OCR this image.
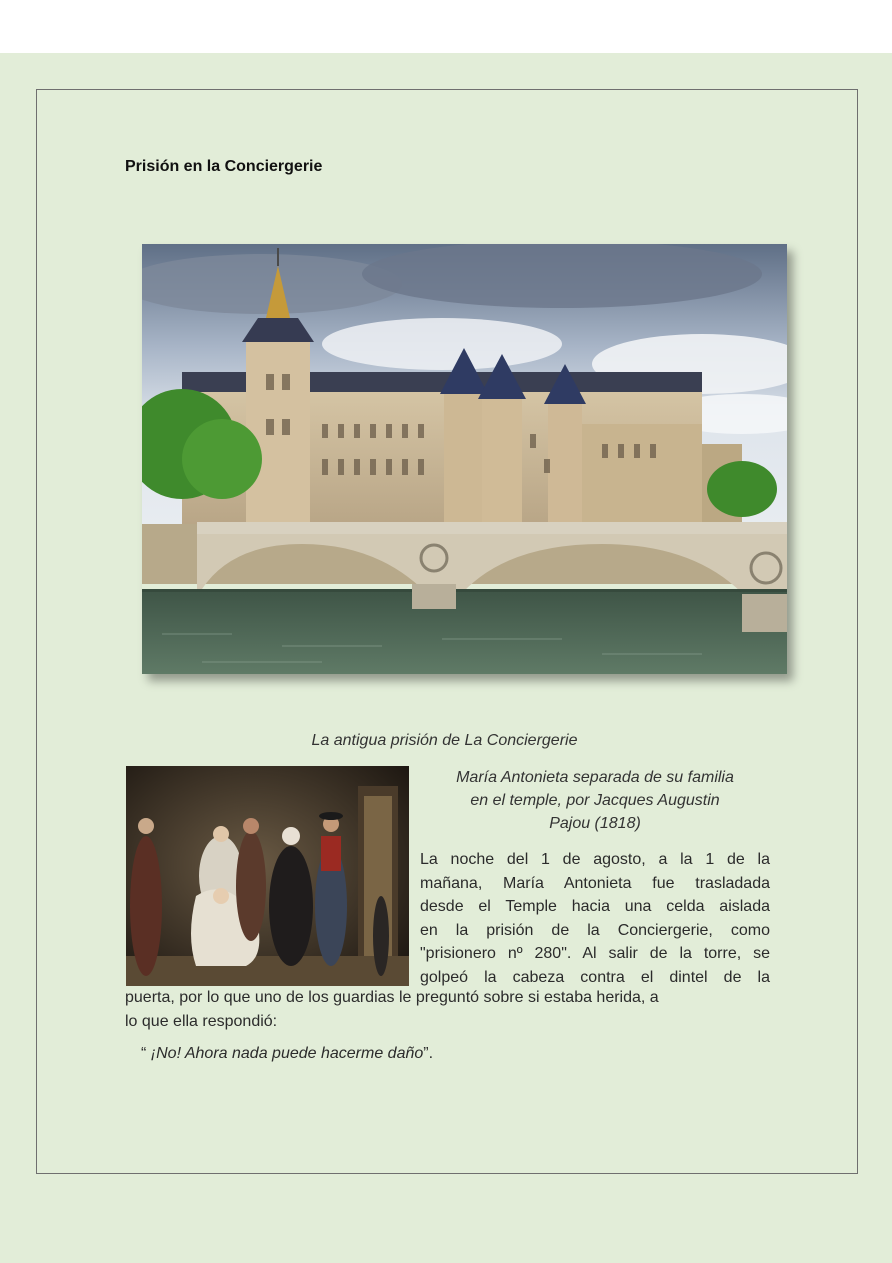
Prisión en la Conciergerie
La antigua prisión de La Conciergerie
María Antonieta separada de su familia
en el temple, por Jacques Augustin
Pajou (1818)
La noche del 1 de agosto, a la 1 de la
mañana, María Antonieta fue trasladada
desde el Temple hacia una celda aislada
en la prisión de la Conciergerie, como
"prisionero nº 280". Al salir de la torre, se
golpeó la cabeza contra el dintel de la
puerta, por lo que uno de los guardias le preguntó sobre si estaba herida, a
lo que ella respondió:
“ ¡No! Ahora nada puede hacerme daño”.
